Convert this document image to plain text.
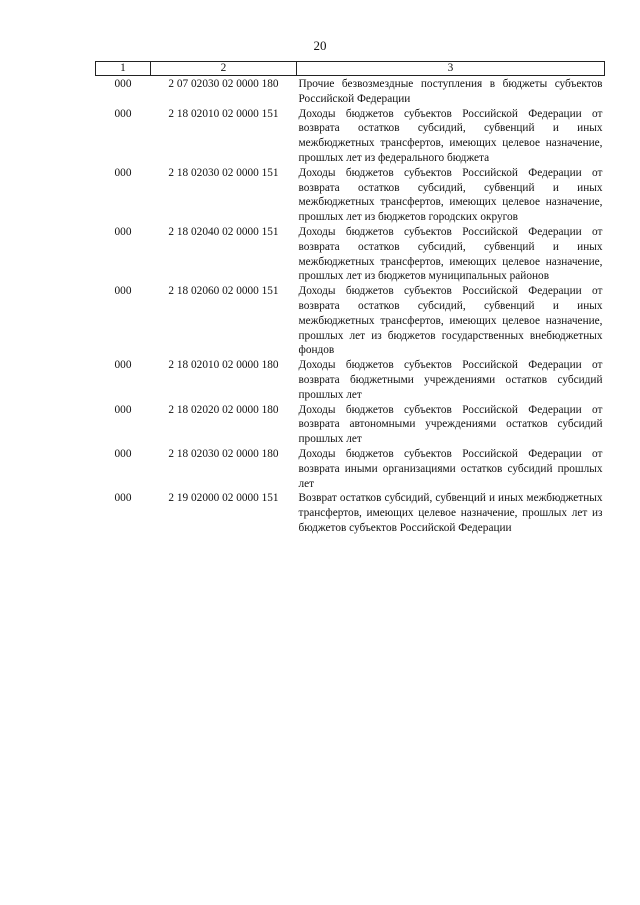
20
1	2	3
000	2 07 02030 02 0000 180	Прочие безвозмездные поступления в бюджеты субъектов Российской Федерации
000	2 18 02010 02 0000 151	Доходы бюджетов субъектов Российской Федерации от возврата остатков субсидий, субвенций и иных межбюджетных трансфертов, имеющих целевое назначение, прошлых лет из федерального бюджета
000	2 18 02030 02 0000 151	Доходы бюджетов субъектов Российской Федерации от возврата остатков субсидий, субвенций и иных межбюджетных трансфертов, имеющих целевое назначение, прошлых лет из бюджетов городских округов
000	2 18 02040 02 0000 151	Доходы бюджетов субъектов Российской Федерации от возврата остатков субсидий, субвенций и иных межбюджетных трансфертов, имеющих целевое назначение, прошлых лет из бюджетов муниципальных районов
000	2 18 02060 02 0000 151	Доходы бюджетов субъектов Российской Федерации от возврата остатков субсидий, субвенций и иных межбюджетных трансфертов, имеющих целевое назначение, прошлых лет из бюджетов государственных внебюджетных фондов
000	2 18 02010 02 0000 180	Доходы бюджетов субъектов Российской Федерации от возврата бюджетными учреждениями остатков субсидий прошлых лет
000	2 18 02020 02 0000 180	Доходы бюджетов субъектов Российской Федерации от возврата автономными учреждениями остатков субсидий прошлых лет
000	2 18 02030 02 0000 180	Доходы бюджетов субъектов Российской Федерации от возврата иными организациями остатков субсидий прошлых лет
000	2 19 02000 02 0000 151	Возврат остатков субсидий, субвенций и иных межбюджетных трансфертов, имеющих целевое назначение, прошлых лет из бюджетов субъектов Российской Федерации
